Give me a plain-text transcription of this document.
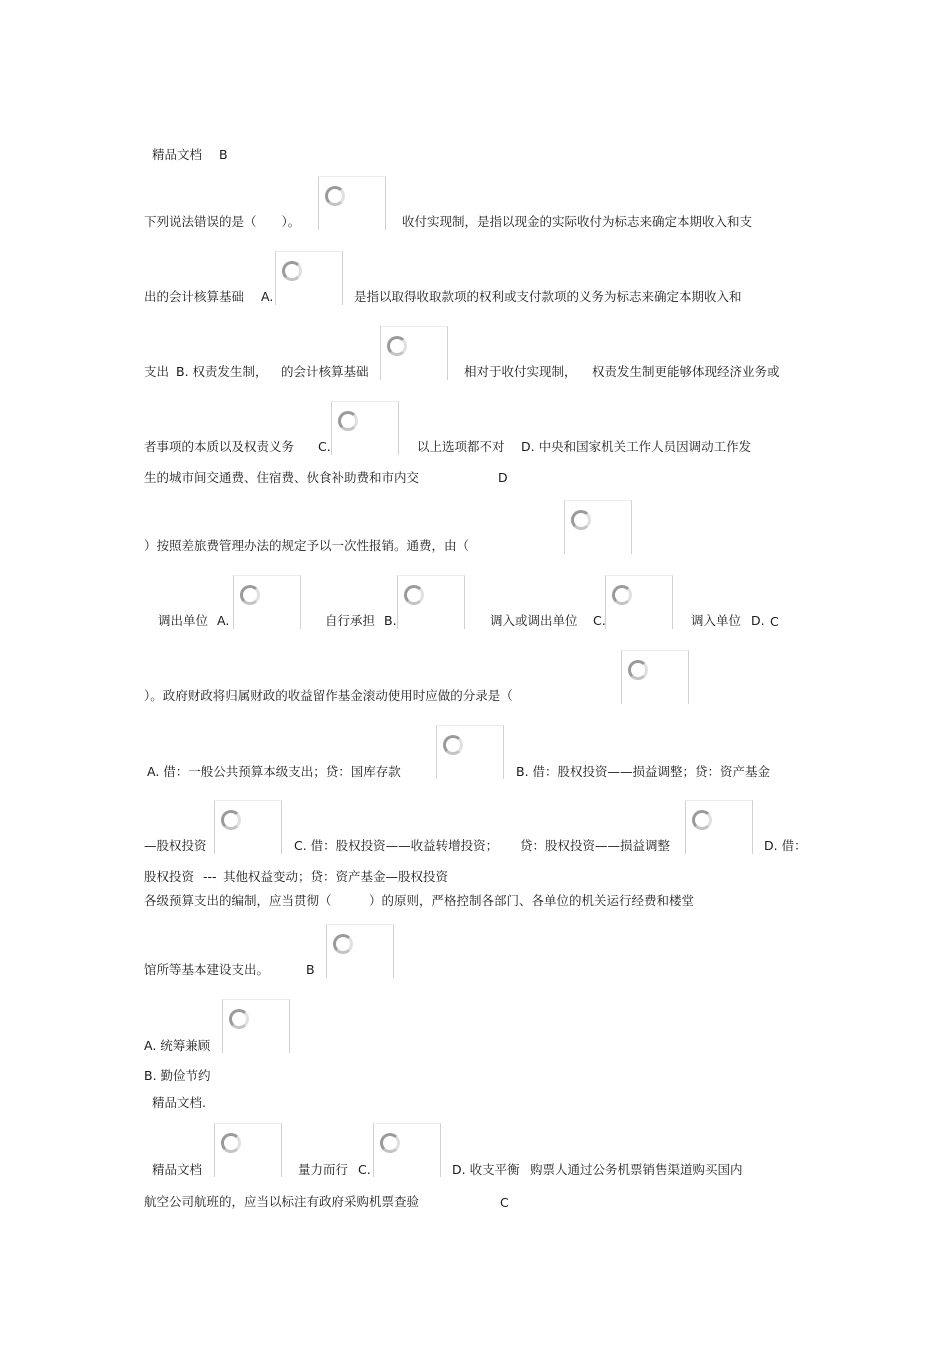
精品文档 B
下列说法错误的是（　　）。	收付实现制，是指以现金的实际收付为标志来确定本期收入和支
出的会计核算基础 A.	是指以取得收取款项的权利或支付款项的义务为标志来确定本期收入和
支出 B. 权责发生制， 的会计核算基础	相对于收付实现制， 权责发生制更能够体现经济业务或
者事项的本质以及权责义务 C.	以上选项都不对 D. 中央和国家机关工作人员因调动工作发
生的城市间交通费、住宿费、伙食补助费和市内交	D
）按照差旅费管理办法的规定予以一次性报销。通费，由（
调出单位 A.	自行承担 B.	调入或调出单位 C.	调入单位 D. C
）。政府财政将归属财政的收益留作基金滚动使用时应做的分录是（
A. 借：一般公共预算本级支出；贷：国库存款	B. 借：股权投资——损益调整；贷：资产基金
—股权投资	C. 借：股权投资——收益转增投资； 贷：股权投资——损益调整	D. 借：
股权投资 --- 其他权益变动；贷：资产基金—股权投资
各级预算支出的编制，应当贯彻（　　　）的原则，严格控制各部门、各单位的机关运行经费和楼堂
馆所等基本建设支出。	B
A. 统筹兼顾
B. 勤俭节约
精品文档.
精品文档	量力而行 C.	D. 收支平衡 购票人通过公务机票销售渠道购买国内
航空公司航班的，应当以标注有政府采购机票查验	C
